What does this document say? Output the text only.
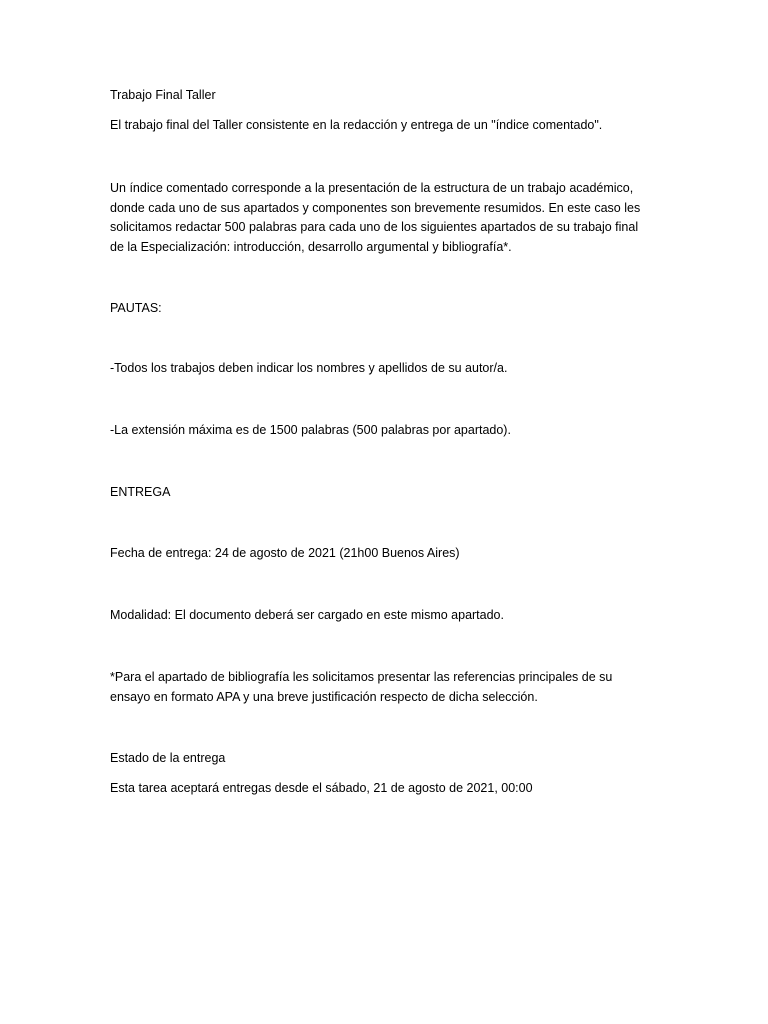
Trabajo Final Taller

El trabajo final del Taller consistente en la redacción y entrega de un "índice comentado".

Un índice comentado corresponde a la presentación de la estructura de un trabajo académico,
donde cada uno de sus apartados y componentes son brevemente resumidos. En este caso les
solicitamos redactar 500 palabras para cada uno de los siguientes apartados de su trabajo final
de la Especialización: introducción, desarrollo argumental y bibliografía*.

PAUTAS:

-Todos los trabajos deben indicar los nombres y apellidos de su autor/a.

-La extensión máxima es de 1500 palabras (500 palabras por apartado).

ENTREGA

Fecha de entrega: 24 de agosto de 2021 (21h00 Buenos Aires)

Modalidad: El documento deberá ser cargado en este mismo apartado.

*Para el apartado de bibliografía les solicitamos presentar las referencias principales de su
ensayo en formato APA y una breve justificación respecto de dicha selección.

Estado de la entrega

Esta tarea aceptará entregas desde el sábado, 21 de agosto de 2021, 00:00
